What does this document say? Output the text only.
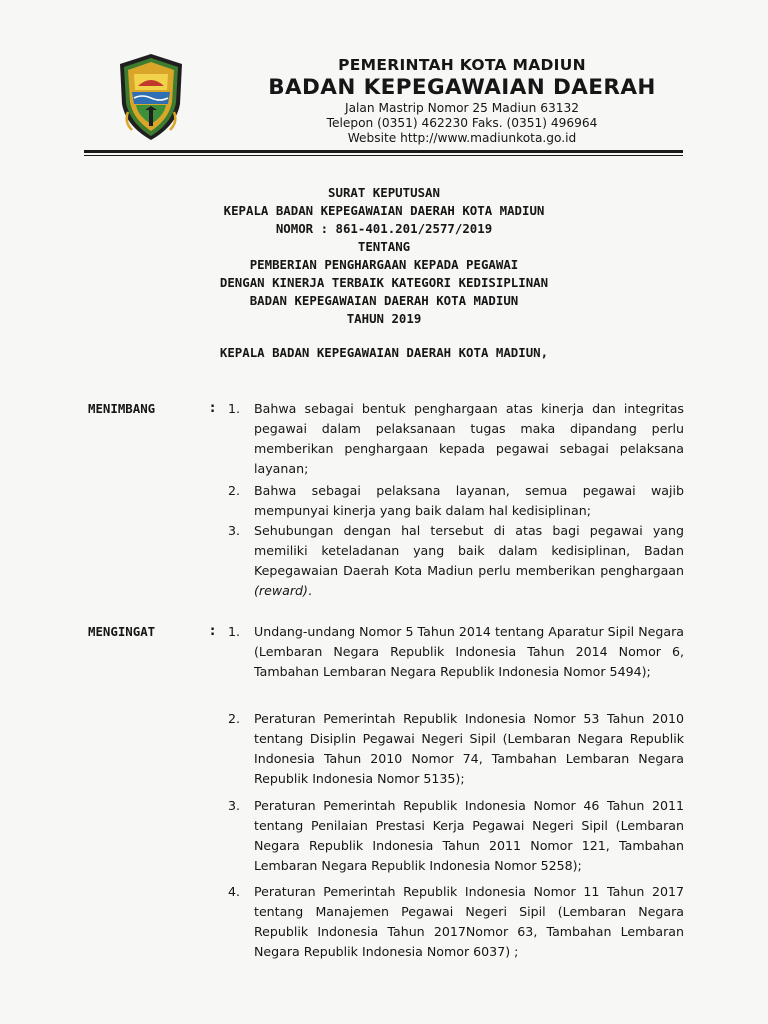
PEMERINTAH KOTA MADIUN
BADAN KEPEGAWAIAN DAERAH
Jalan Mastrip Nomor 25 Madiun 63132
Telepon (0351) 462230 Faks. (0351) 496964
Website http://www.madiunkota.go.id
SURAT KEPUTUSAN
KEPALA BADAN KEPEGAWAIAN DAERAH KOTA MADIUN
NOMOR : 861-401.201/2577/2019
TENTANG
PEMBERIAN PENGHARGAAN KEPADA PEGAWAI
DENGAN KINERJA TERBAIK KATEGORI KEDISIPLINAN
BADAN KEPEGAWAIAN DAERAH KOTA MADIUN
TAHUN 2019
KEPALA BADAN KEPEGAWAIAN DAERAH KOTA MADIUN,
MENIMBANG	: 1.	Bahwa sebagai bentuk penghargaan atas kinerja dan integritas pegawai dalam pelaksanaan tugas maka dipandang perlu memberikan penghargaan kepada pegawai sebagai pelaksana layanan;
2.	Bahwa sebagai pelaksana layanan, semua pegawai wajib mempunyai kinerja yang baik dalam hal kedisiplinan;
3.	Sehubungan dengan hal tersebut di atas bagi pegawai yang memiliki keteladanan yang baik dalam kedisiplinan, Badan Kepegawaian Daerah Kota Madiun perlu memberikan penghargaan (reward).
MENGINGAT	: 1.	Undang-undang Nomor 5 Tahun 2014 tentang Aparatur Sipil Negara (Lembaran Negara Republik Indonesia Tahun 2014 Nomor 6, Tambahan Lembaran Negara Republik Indonesia Nomor 5494);
2.	Peraturan Pemerintah Republik Indonesia Nomor 53 Tahun 2010 tentang Disiplin Pegawai Negeri Sipil (Lembaran Negara Republik Indonesia Tahun 2010 Nomor 74, Tambahan Lembaran Negara Republik Indonesia Nomor 5135);
3.	Peraturan Pemerintah Republik Indonesia Nomor 46 Tahun 2011 tentang Penilaian Prestasi Kerja Pegawai Negeri Sipil (Lembaran Negara Republik Indonesia Tahun 2011 Nomor 121, Tambahan Lembaran Negara Republik Indonesia Nomor 5258);
4.	Peraturan Pemerintah Republik Indonesia Nomor 11 Tahun 2017 tentang Manajemen Pegawai Negeri Sipil (Lembaran Negara Republik Indonesia Tahun 2017Nomor 63, Tambahan Lembaran Negara Republik Indonesia Nomor 6037) ;
